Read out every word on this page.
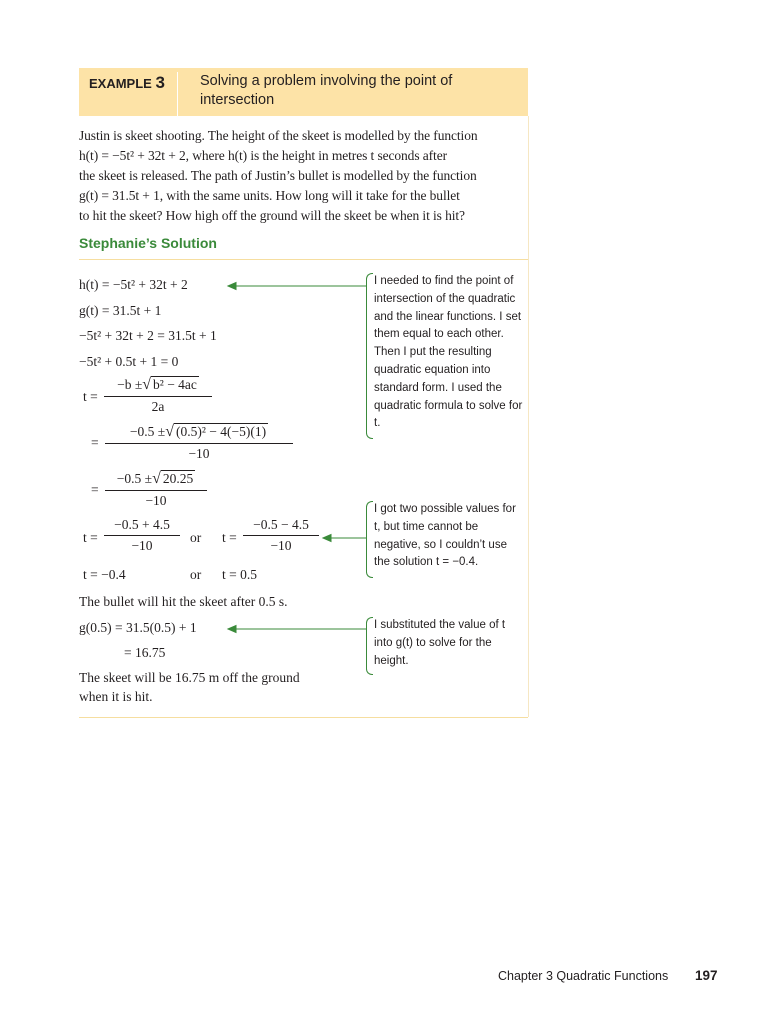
EXAMPLE 3 Solving a problem involving the point of intersection
Justin is skeet shooting. The height of the skeet is modelled by the function
h(t) = −5t² + 32t + 2, where h(t) is the height in metres t seconds after
the skeet is released. The path of Justin’s bullet is modelled by the function
g(t) = 31.5t + 1, with the same units. How long will it take for the bullet
to hit the skeet? How high off the ground will the skeet be when it is hit?
Stephanie’s Solution
h(t) = −5t² + 32t + 2
g(t) = 31.5t + 1
−5t² + 32t + 2 = 31.5t + 1
−5t² + 0.5t + 1 = 0
$t = \frac{\text{−b ±√ b² − 4ac}}{2a}$
= $\frac{\text{−0.5 ±√ (0.5)² − 4(−5)(1)}}{-10}$
= $\frac{-0.5 \pm√ 20.25}{-10}$
$t = \frac{-0.5 + 4.5}{-10}$ or $t = \frac{-0.5 - 4.5}{-10}$
t = −0.4	or t = 0.5
The bullet will hit the skeet after 0.5 s.
g(0.5) = 31.5(0.5) + 1
= 16.75
The skeet will be 16.75 m off the ground
when it is hit.
I needed to find the point of intersection of the quadratic and the linear functions. I set them equal to each other. Then I put the resulting quadratic equation into standard form. I used the quadratic formula to solve for t.
I got two possible values for t, but time cannot be negative, so I couldn’t use the solution t = −0.4.
I substituted the value of t into g(t) to solve for the height.
Chapter 3 Quadratic Functions 197
